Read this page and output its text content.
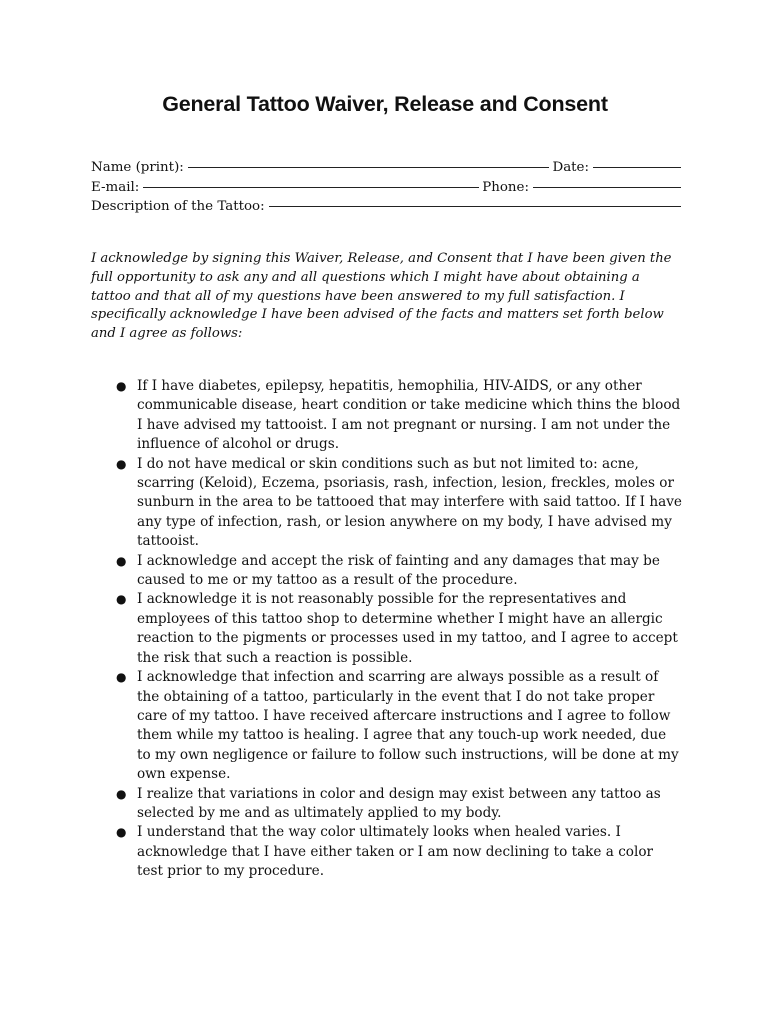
General Tattoo Waiver, Release and Consent
Name (print):	Date:
E-mail:	Phone:
Description of the Tattoo:

I acknowledge by signing this Waiver, Release, and Consent that I have been given the full opportunity to ask any and all questions which I might have about obtaining a tattoo and that all of my questions have been answered to my full satisfaction. I specifically acknowledge I have been advised of the facts and matters set forth below and I agree as follows:

● If I have diabetes, epilepsy, hepatitis, hemophilia, HIV-AIDS, or any other communicable disease, heart condition or take medicine which thins the blood I have advised my tattooist. I am not pregnant or nursing. I am not under the influence of alcohol or drugs.
● I do not have medical or skin conditions such as but not limited to: acne, scarring (Keloid), Eczema, psoriasis, rash, infection, lesion, freckles, moles or sunburn in the area to be tattooed that may interfere with said tattoo. If I have any type of infection, rash, or lesion anywhere on my body, I have advised my tattooist.
● I acknowledge and accept the risk of fainting and any damages that may be caused to me or my tattoo as a result of the procedure.
● I acknowledge it is not reasonably possible for the representatives and employees of this tattoo shop to determine whether I might have an allergic reaction to the pigments or processes used in my tattoo, and I agree to accept the risk that such a reaction is possible.
● I acknowledge that infection and scarring are always possible as a result of the obtaining of a tattoo, particularly in the event that I do not take proper care of my tattoo. I have received aftercare instructions and I agree to follow them while my tattoo is healing. I agree that any touch-up work needed, due to my own negligence or failure to follow such instructions, will be done at my own expense.
● I realize that variations in color and design may exist between any tattoo as selected by me and as ultimately applied to my body.
● I understand that the way color ultimately looks when healed varies. I acknowledge that I have either taken or I am now declining to take a color test prior to my procedure.
